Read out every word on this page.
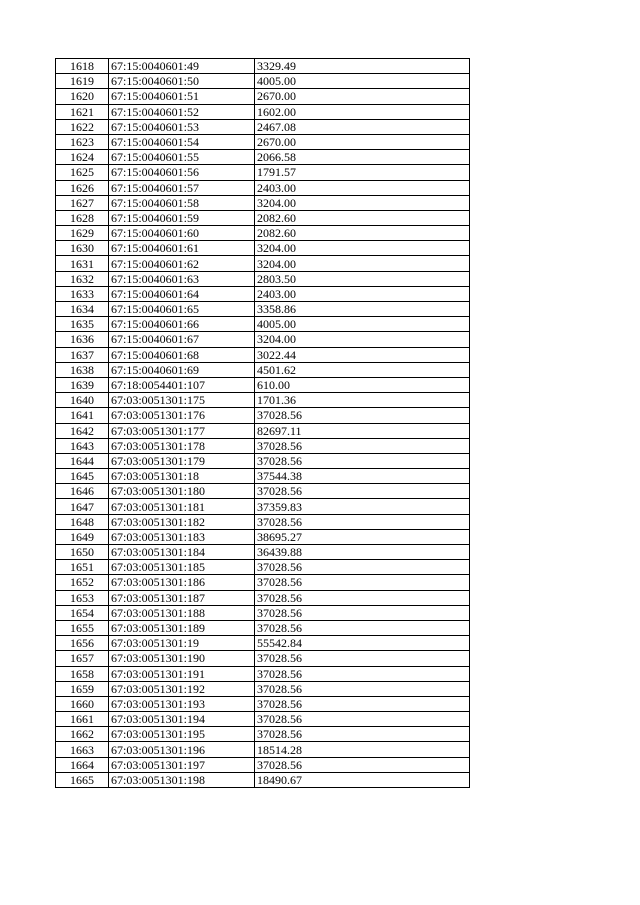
1618	67:15:0040601:49	3329.49
1619	67:15:0040601:50	4005.00
1620	67:15:0040601:51	2670.00
1621	67:15:0040601:52	1602.00
1622	67:15:0040601:53	2467.08
1623	67:15:0040601:54	2670.00
1624	67:15:0040601:55	2066.58
1625	67:15:0040601:56	1791.57
1626	67:15:0040601:57	2403.00
1627	67:15:0040601:58	3204.00
1628	67:15:0040601:59	2082.60
1629	67:15:0040601:60	2082.60
1630	67:15:0040601:61	3204.00
1631	67:15:0040601:62	3204.00
1632	67:15:0040601:63	2803.50
1633	67:15:0040601:64	2403.00
1634	67:15:0040601:65	3358.86
1635	67:15:0040601:66	4005.00
1636	67:15:0040601:67	3204.00
1637	67:15:0040601:68	3022.44
1638	67:15:0040601:69	4501.62
1639	67:18:0054401:107	610.00
1640	67:03:0051301:175	1701.36
1641	67:03:0051301:176	37028.56
1642	67:03:0051301:177	82697.11
1643	67:03:0051301:178	37028.56
1644	67:03:0051301:179	37028.56
1645	67:03:0051301:18	37544.38
1646	67:03:0051301:180	37028.56
1647	67:03:0051301:181	37359.83
1648	67:03:0051301:182	37028.56
1649	67:03:0051301:183	38695.27
1650	67:03:0051301:184	36439.88
1651	67:03:0051301:185	37028.56
1652	67:03:0051301:186	37028.56
1653	67:03:0051301:187	37028.56
1654	67:03:0051301:188	37028.56
1655	67:03:0051301:189	37028.56
1656	67:03:0051301:19	55542.84
1657	67:03:0051301:190	37028.56
1658	67:03:0051301:191	37028.56
1659	67:03:0051301:192	37028.56
1660	67:03:0051301:193	37028.56
1661	67:03:0051301:194	37028.56
1662	67:03:0051301:195	37028.56
1663	67:03:0051301:196	18514.28
1664	67:03:0051301:197	37028.56
1665	67:03:0051301:198	18490.67
